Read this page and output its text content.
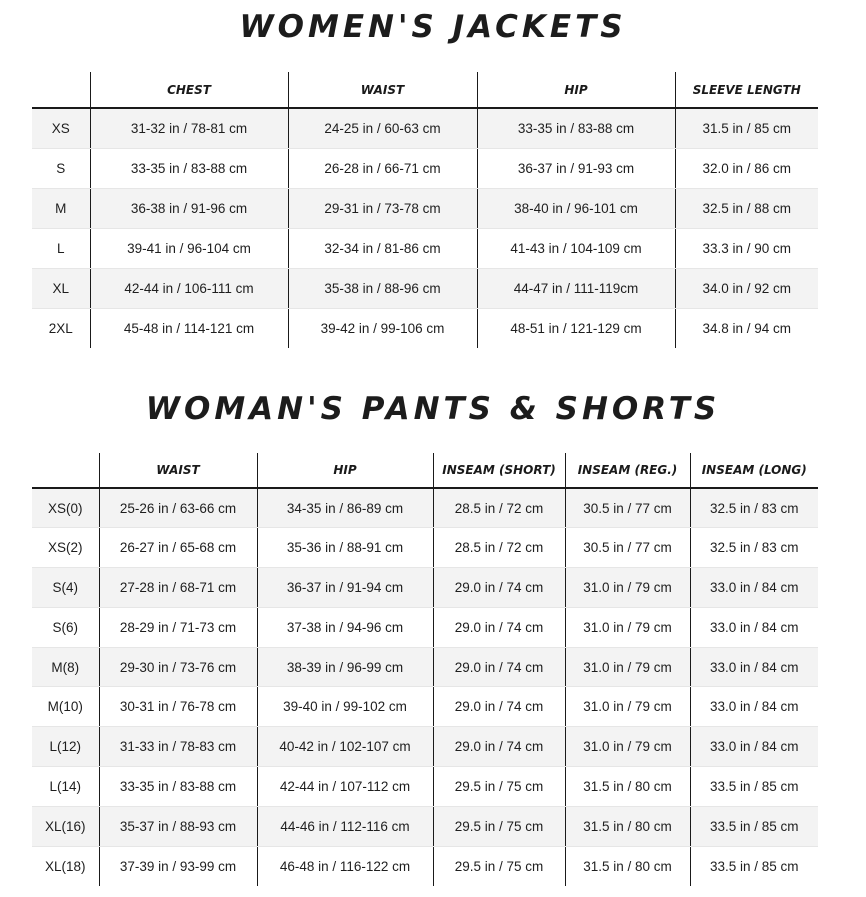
WOMEN'S JACKETS
	CHEST	WAIST	HIP	SLEEVE LENGTH
XS	31-32 in / 78-81 cm	24-25 in / 60-63 cm	33-35 in / 83-88 cm	31.5 in / 85 cm
S	33-35 in / 83-88 cm	26-28 in / 66-71 cm	36-37 in / 91-93 cm	32.0 in / 86 cm
M	36-38 in / 91-96 cm	29-31 in / 73-78 cm	38-40 in / 96-101 cm	32.5 in / 88 cm
L	39-41 in / 96-104 cm	32-34 in / 81-86 cm	41-43 in / 104-109 cm	33.3 in / 90 cm
XL	42-44 in / 106-111 cm	35-38 in / 88-96 cm	44-47 in / 111-119cm	34.0 in / 92 cm
2XL	45-48 in / 114-121 cm	39-42 in / 99-106 cm	48-51 in / 121-129 cm	34.8 in / 94 cm
WOMAN'S PANTS & SHORTS
	WAIST	HIP	INSEAM (SHORT)	INSEAM (REG.)	INSEAM (LONG)
XS(0)	25-26 in / 63-66 cm	34-35 in / 86-89 cm	28.5 in / 72 cm	30.5 in / 77 cm	32.5 in / 83 cm
XS(2)	26-27 in / 65-68 cm	35-36 in / 88-91 cm	28.5 in / 72 cm	30.5 in / 77 cm	32.5 in / 83 cm
S(4)	27-28 in / 68-71 cm	36-37 in / 91-94 cm	29.0 in / 74 cm	31.0 in / 79 cm	33.0 in / 84 cm
S(6)	28-29 in / 71-73 cm	37-38 in / 94-96 cm	29.0 in / 74 cm	31.0 in / 79 cm	33.0 in / 84 cm
M(8)	29-30 in / 73-76 cm	38-39 in / 96-99 cm	29.0 in / 74 cm	31.0 in / 79 cm	33.0 in / 84 cm
M(10)	30-31 in / 76-78 cm	39-40 in / 99-102 cm	29.0 in / 74 cm	31.0 in / 79 cm	33.0 in / 84 cm
L(12)	31-33 in / 78-83 cm	40-42 in / 102-107 cm	29.0 in / 74 cm	31.0 in / 79 cm	33.0 in / 84 cm
L(14)	33-35 in / 83-88 cm	42-44 in / 107-112 cm	29.5 in / 75 cm	31.5 in / 80 cm	33.5 in / 85 cm
XL(16)	35-37 in / 88-93 cm	44-46 in / 112-116 cm	29.5 in / 75 cm	31.5 in / 80 cm	33.5 in / 85 cm
XL(18)	37-39 in / 93-99 cm	46-48 in / 116-122 cm	29.5 in / 75 cm	31.5 in / 80 cm	33.5 in / 85 cm
